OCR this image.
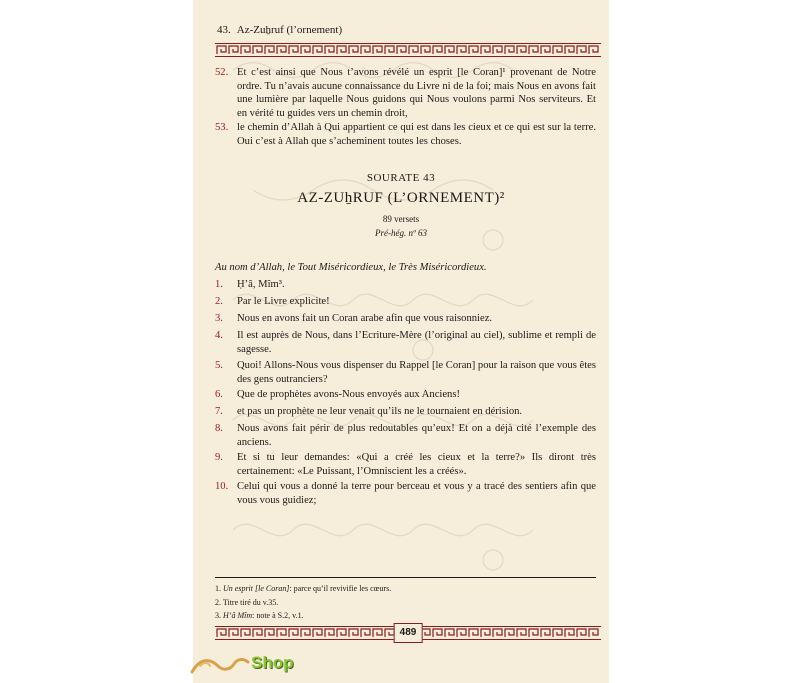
43. Az-Zuẖruf (l’ornement)
52. Et c’est ainsi que Nous t’avons révélé un esprit [le Coran]¹ provenant de Notre ordre. Tu n’avais aucune connaissance du Livre ni de la foi; mais Nous en avons fait une lumière par laquelle Nous guidons qui Nous voulons parmi Nos serviteurs. Et en vérité tu guides vers un chemin droit,
53. le chemin d’Allah à Qui appartient ce qui est dans les cieux et ce qui est sur la terre. Oui c’est à Allah que s’acheminent toutes les choses.
SOURATE 43
AZ-ZUẖRUF (L’ORNEMENT)²
89 versets
Pré-hég. nº 63
Au nom d’Allah, le Tout Miséricordieux, le Très Miséricordieux.
1. Ḥ’â, Mîm³.
2. Par le Livre explicite!
3. Nous en avons fait un Coran arabe afin que vous raisonniez.
4. Il est auprès de Nous, dans l’Ecriture-Mère (l’original au ciel), sublime et rempli de sagesse.
5. Quoi! Allons-Nous vous dispenser du Rappel [le Coran] pour la raison que vous êtes des gens outranciers?
6. Que de prophètes avons-Nous envoyés aux Anciens!
7. et pas un prophète ne leur venait qu’ils ne le tournaient en dérision.
8. Nous avons fait périr de plus redoutables qu’eux! Et on a déjà cité l’exemple des anciens.
9. Et si tu leur demandes: «Qui a créé les cieux et la terre?» Ils diront très certainement: «Le Puissant, l’Omniscient les a créés».
10. Celui qui vous a donné la terre pour berceau et vous y a tracé des sentiers afin que vous vous guidiez;
1. Un esprit [le Coran]: parce qu’il revivifie les cœurs.
2. Titre tiré du v.35.
3. H’â Mîm: note à S.2, v.1.
489
Shop
